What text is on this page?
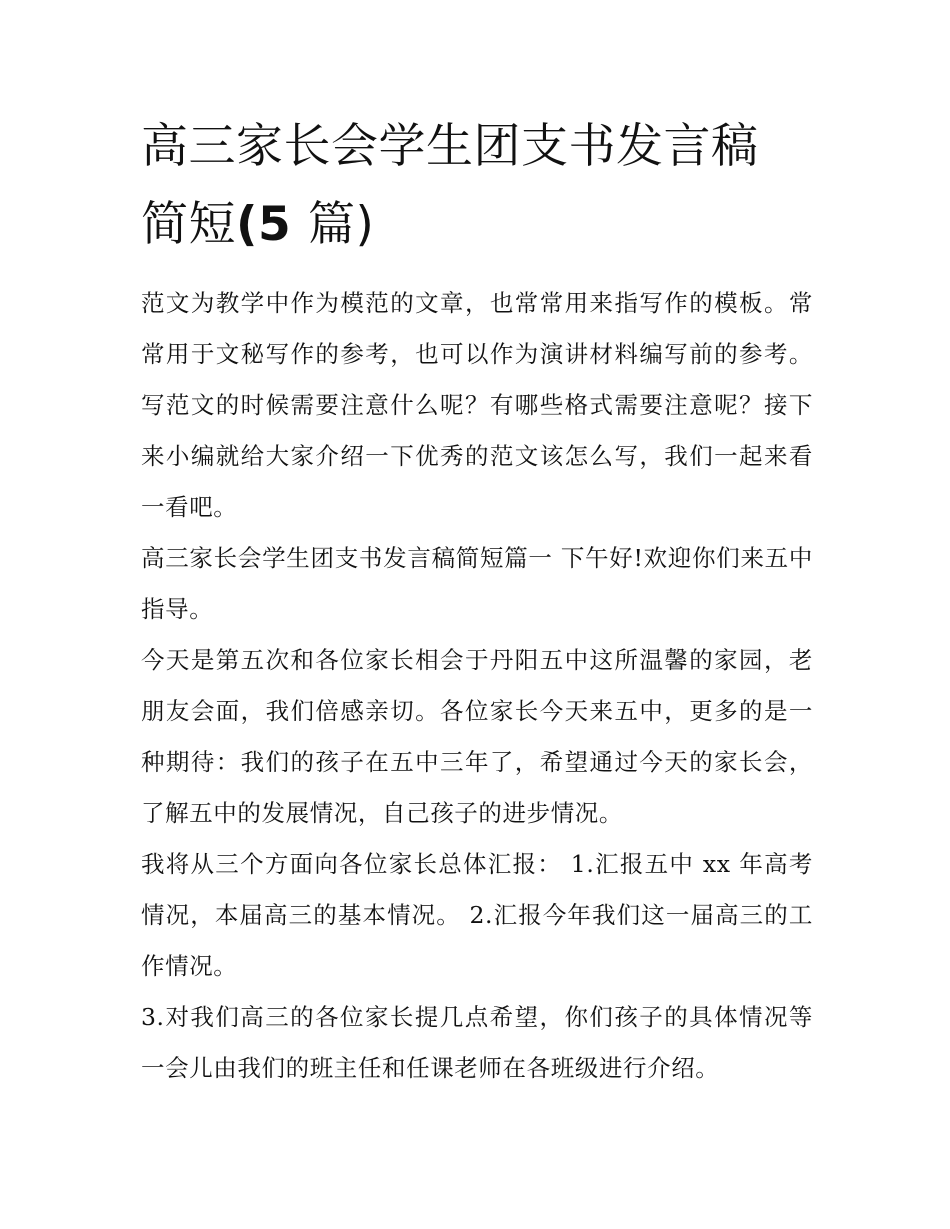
高三家长会学生团支书发言稿
简短(5 篇)

范文为教学中作为模范的文章，也常常用来指写作的模板。常常用于文秘写作的参考，也可以作为演讲材料编写前的参考。写范文的时候需要注意什么呢？有哪些格式需要注意呢？接下来小编就给大家介绍一下优秀的范文该怎么写，我们一起来看一看吧。

高三家长会学生团支书发言稿简短篇一 下午好!欢迎你们来五中指导。

今天是第五次和各位家长相会于丹阳五中这所温馨的家园，老朋友会面，我们倍感亲切。各位家长今天来五中，更多的是一种期待：我们的孩子在五中三年了，希望通过今天的家长会，了解五中的发展情况，自己孩子的进步情况。

我将从三个方面向各位家长总体汇报： 1.汇报五中 xx 年高考情况，本届高三的基本情况。 2.汇报今年我们这一届高三的工作情况。

3.对我们高三的各位家长提几点希望，你们孩子的具体情况等一会儿由我们的班主任和任课老师在各班级进行介绍。
